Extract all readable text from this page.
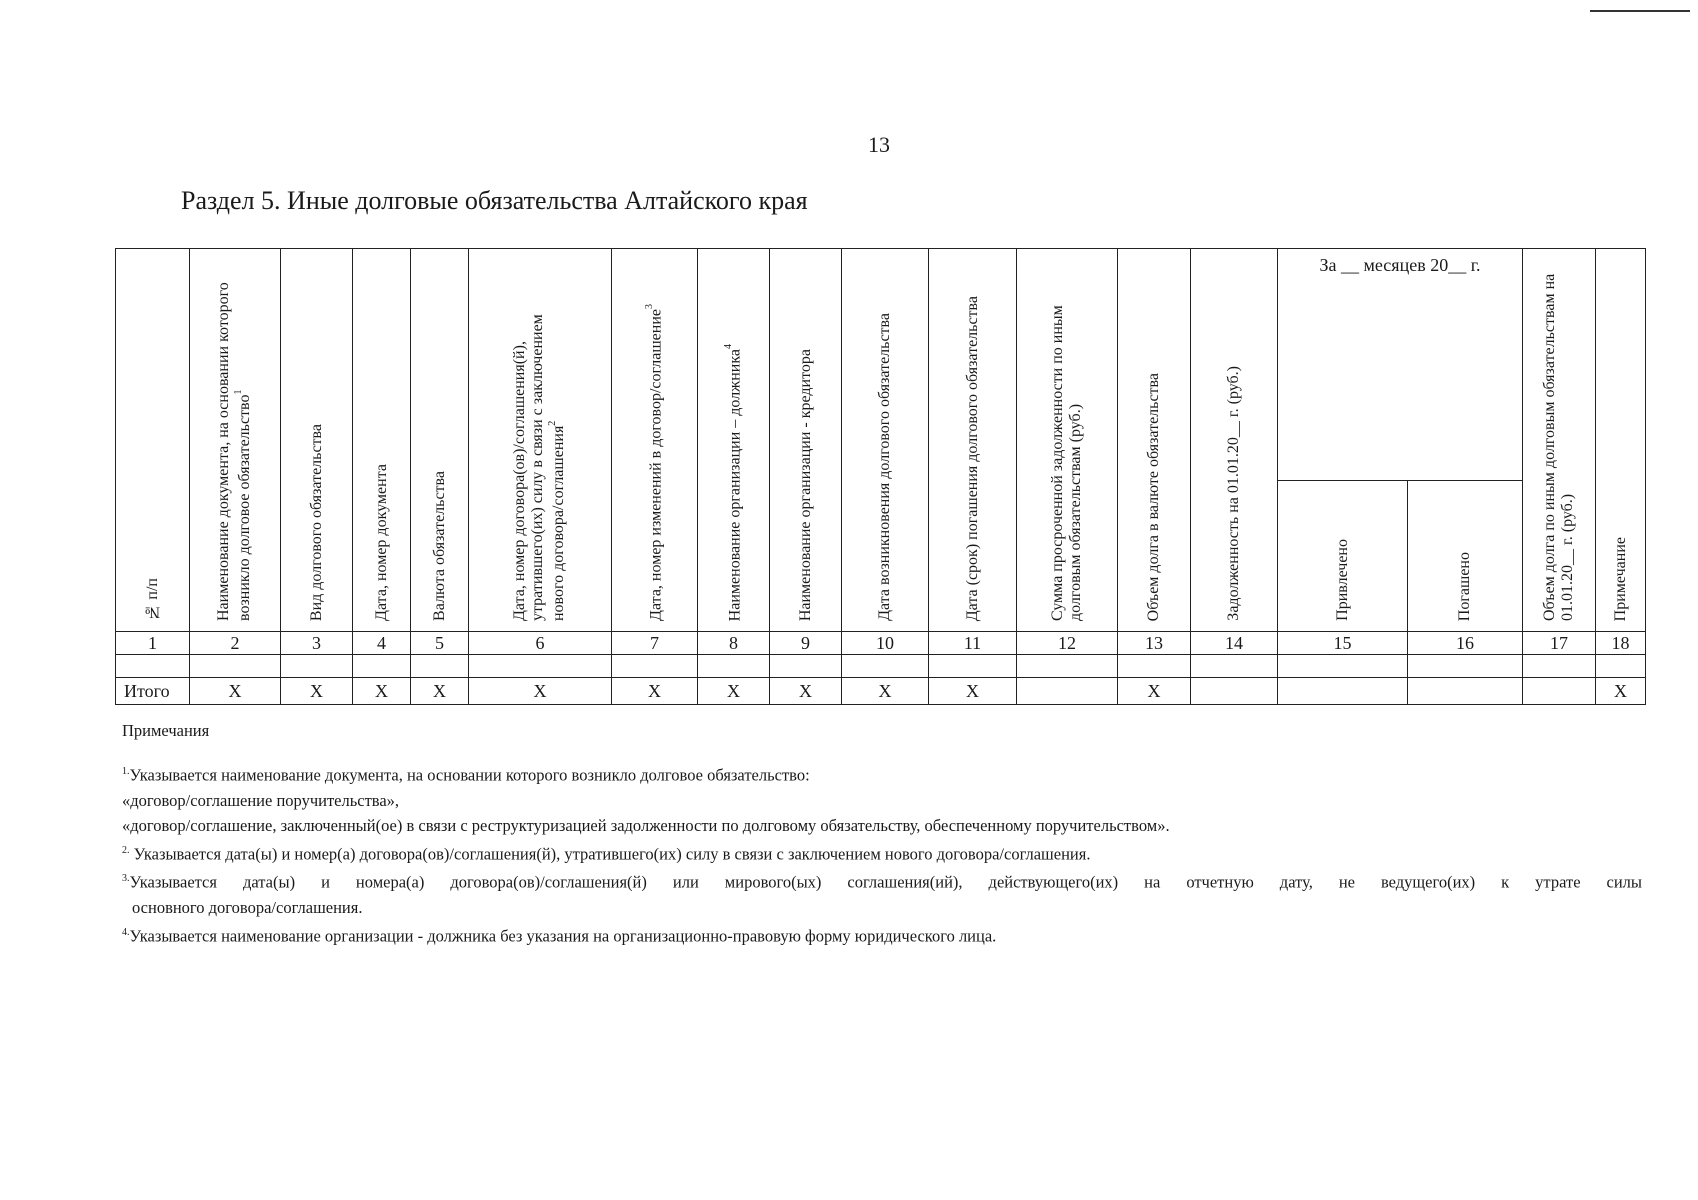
13
Раздел 5. Иные долговые обязательства Алтайского края
№ п/п	Наименование документа, на основании которого возникло долговое обязательство$^1$	Вид долгового обязательства	Дата, номер документа	Валюта обязательства	Дата, номер договора(ов)/соглашения(й), утратившего(их) силу в связи с заключением нового договора/соглашения$^2$	Дата, номер изменений в договор/соглашение$^3$	Наименование организации – должника$^4$	Наименование организации - кредитора	Дата возникновения долгового обязательства	Дата (срок) погашения долгового обязательства	Сумма просроченной задолженности по иным долговым обязательствам (руб.)	Объем долга в валюте обязательства	Задолженность на 01.01.20__ г. (руб.)	За __ месяцев 20__ г.		Объем долга по иным долговым обязательствам на 01.01.20__ г. (руб.)	Примечание

														Привлечено	Погашено		

1	2	3	4	5	6	7	8	9	10	11	12	13	14	15	16	17	18

Итого	X	X	X	X	X	X	X	X	X	X		X					X
Примечания

$^{1.}$Указывается наименование документа, на основании которого возникло долговое обязательство:

«договор/соглашение поручительства»,

«договор/соглашение, заключенный(ое) в связи с реструктуризацией задолженности по долговому обязательству, обеспеченному поручительством».

$^{2.}$ Указывается дата(ы) и номер(а) договора(ов)/соглашения(й), утратившего(их) силу в связи с заключением нового договора/соглашения.

$^{3.}$Указывается дата(ы) и номера(а) договора(ов)/соглашения(й) или мирового(ых) соглашения(ий), действующего(их) на отчетную дату, не ведущего(их) к утрате силы

основного договора/соглашения.

$^{4.}$Указывается наименование организации - должника без указания на организационно-правовую форму юридического лица.
